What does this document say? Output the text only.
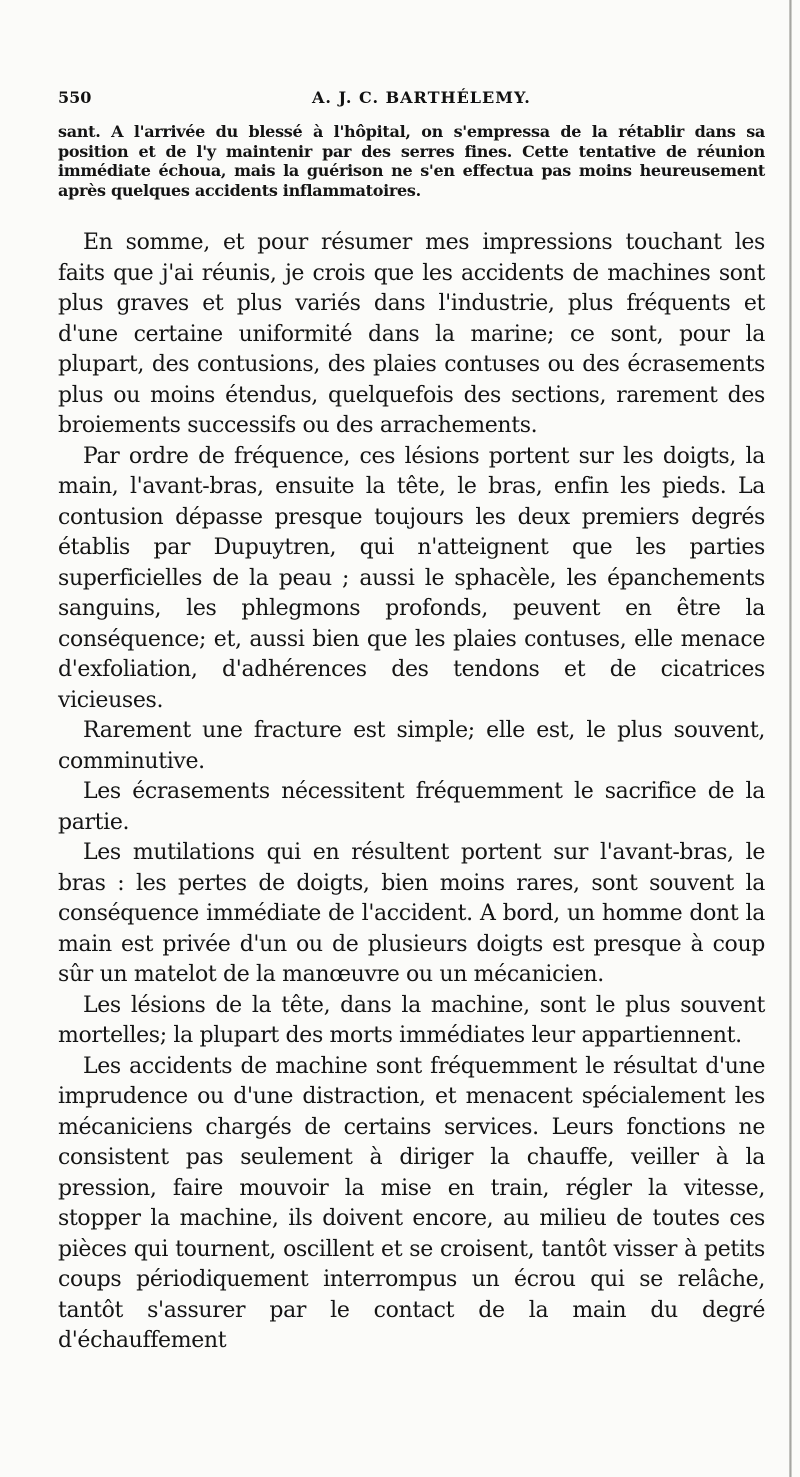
550	A. J. C. BARTHÉLEMY.

sant. A l'arrivée du blessé à l'hôpital, on s'empressa de la rétablir dans sa position et de l'y maintenir par des serres fines. Cette tentative de réunion immédiate échoua, mais la guérison ne s'en effectua pas moins heureusement après quelques accidents inflammatoires.

En somme, et pour résumer mes impressions touchant les faits que j'ai réunis, je crois que les accidents de machines sont plus graves et plus variés dans l'industrie, plus fréquents et d'une certaine uniformité dans la marine; ce sont, pour la plupart, des contusions, des plaies contuses ou des écrasements plus ou moins étendus, quelquefois des sections, rarement des broiements successifs ou des arrachements.

Par ordre de fréquence, ces lésions portent sur les doigts, la main, l'avant-bras, ensuite la tête, le bras, enfin les pieds. La contusion dépasse presque toujours les deux premiers degrés établis par Dupuytren, qui n'atteignent que les parties superficielles de la peau ; aussi le sphacèle, les épanchements sanguins, les phlegmons profonds, peuvent en être la conséquence; et, aussi bien que les plaies contuses, elle menace d'exfoliation, d'adhérences des tendons et de cicatrices vicieuses.

Rarement une fracture est simple; elle est, le plus souvent, comminutive.

Les écrasements nécessitent fréquemment le sacrifice de la partie.

Les mutilations qui en résultent portent sur l'avant-bras, le bras : les pertes de doigts, bien moins rares, sont souvent la conséquence immédiate de l'accident. A bord, un homme dont la main est privée d'un ou de plusieurs doigts est presque à coup sûr un matelot de la manœuvre ou un mécanicien.

Les lésions de la tête, dans la machine, sont le plus souvent mortelles; la plupart des morts immédiates leur appartiennent.

Les accidents de machine sont fréquemment le résultat d'une imprudence ou d'une distraction, et menacent spécialement les mécaniciens chargés de certains services. Leurs fonctions ne consistent pas seulement à diriger la chauffe, veiller à la pression, faire mouvoir la mise en train, régler la vitesse, stopper la machine, ils doivent encore, au milieu de toutes ces pièces qui tournent, oscillent et se croisent, tantôt visser à petits coups périodiquement interrompus un écrou qui se relâche, tantôt s'assurer par le contact de la main du degré d'échauffement
